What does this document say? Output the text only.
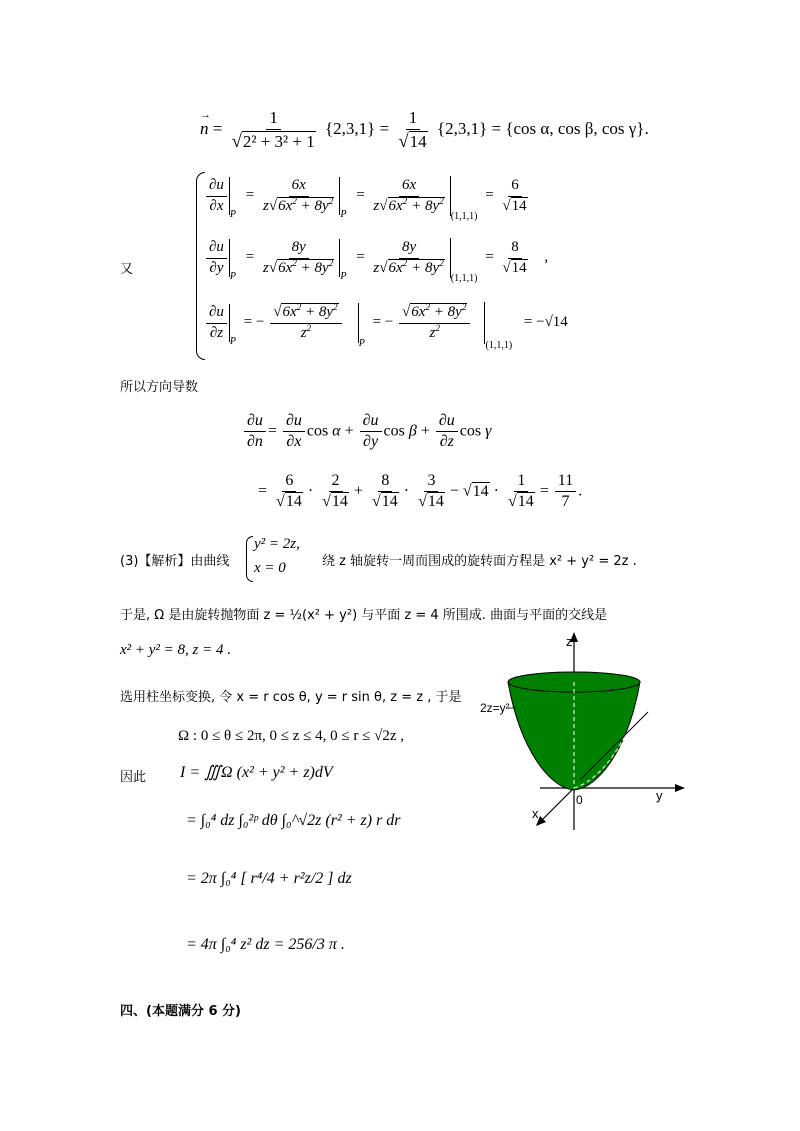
→
$n = \frac{1}{\text{√2² + 3² + 1}} \{2,3,1\} = \frac{1}{√14} \{2,3,1\} = \{\cos$ α, cos β, cos γ}.
又
$\frac{\partial u}{\partial x}$
$_P = \frac{6x}{z√6x^2 + 8y^2}$
$_P = \frac{6x}{z√6x^2 + 8y^2}$
$_{(1,1,1)} = \frac{6}{√14}$
$\frac{\partial u}{\partial y}$
$_P = \frac{8y}{z√6x^2 + 8y^2}$
$_P = \frac{8y}{z√6x^2 + 8y^2}$
$_{(1,1,1)} = \frac{8}{√14}$ ,
$\frac{\partial u}{\partial z}$
$_P$ = − $\frac{√6x^2 + 8y^2}{z^2}$
$_P$ = − $\frac{√6x^2 + 8y^2}{z^2}$
$_{(1,1,1)}$ = −√14
所以方向导数
$\frac{\partial u}{\partial n} = \frac{\partial u}{\partial x}$ $\cos \alpha + \frac{\partial u}{\partial y}$ $\cos \beta + \frac{\partial u}{\partial z}$ cos γ
= $\frac{6}{√14} \cdot \frac{2}{√14} + \frac{8}{√14} \cdot \frac{3}{√14} - √14 \cdot \frac{1}{√14} = \frac{11}{7}$ .
(3)【解析】由曲线
y² = 2z,
x = 0	绕 z 轴旋转一周而围成的旋转面方程是 x² + y² = 2z .
于是, Ω 是由旋转抛物面 z = ½(x² + y²) 与平面 z = 4 所围成. 曲面与平面的交线是
x² + y² = 8, z = 4 .
选用柱坐标变换, 令 x = r cos θ, y = r sin θ, z = z , 于是
Ω : 0 ≤ θ ≤ 2π, 0 ≤ z ≤ 4, 0 ≤ r ≤ √2z ,
因此 I = ∭Ω (x² + y² + z)dV
= ∫₀⁴ dz ∫₀²ᵖ dθ ∫₀^√2z (r² + z) r dr
= 2π ∫₀⁴ [ r⁴/4 + r²z/2 ] dz
= 4π ∫₀⁴ z² dz = 256/3 π .
四、(本题满分 6 分)
z
y
x
0
2z=y²
